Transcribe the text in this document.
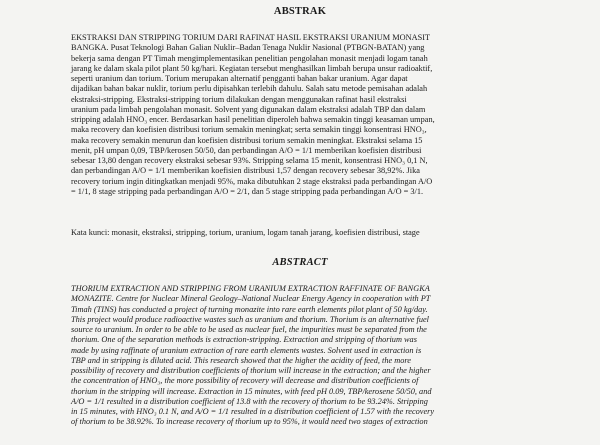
ABSTRAK
EKSTRAKSI DAN STRIPPING TORIUM DARI RAFINAT HASIL EKSTRAKSI URANIUM MONASIT
BANGKA. Pusat Teknologi Bahan Galian Nuklir–Badan Tenaga Nuklir Nasional (PTBGN-BATAN) yang
bekerja sama dengan PT Timah mengimplementasikan penelitian pengolahan monasit menjadi logam tanah
jarang ke dalam skala pilot plant 50 kg/hari. Kegiatan tersebut menghasilkan limbah berupa unsur radioaktif,
seperti uranium dan torium. Torium merupakan alternatif pengganti bahan bakar uranium. Agar dapat
dijadikan bahan bakar nuklir, torium perlu dipisahkan terlebih dahulu. Salah satu metode pemisahan adalah
ekstraksi-stripping. Ekstraksi-stripping torium dilakukan dengan menggunakan rafinat hasil ekstraksi
uranium pada limbah pengolahan monasit. Solvent yang digunakan dalam ekstraksi adalah TBP dan dalam
stripping adalah HNO₃ encer. Berdasarkan hasil penelitian diperoleh bahwa semakin tinggi keasaman umpan,
maka recovery dan koefisien distribusi torium semakin meningkat; serta semakin tinggi konsentrasi HNO₃,
maka recovery semakin menurun dan koefisien distribusi torium semakin meningkat. Ekstraksi selama 15
menit, pH umpan 0,09, TBP/kerosen 50/50, dan perbandingan A/O = 1/1 memberikan koefisien distribusi
sebesar 13,80 dengan recovery ekstraksi sebesar 93%. Stripping selama 15 menit, konsentrasi HNO₃ 0,1 N,
dan perbandingan A/O = 1/1 memberikan koefisien distribusi 1,57 dengan recovery sebesar 38,92%. Jika
recovery torium ingin ditingkatkan menjadi 95%, maka dibutuhkan 2 stage ekstraksi pada perbandingan A/O
= 1/1, 8 stage stripping pada perbandingan A/O = 2/1, dan 5 stage stripping pada perbandingan A/O = 3/1.
Kata kunci: monasit, ekstraksi, stripping, torium, uranium, logam tanah jarang, koefisien distribusi, stage
ABSTRACT
THORIUM EXTRACTION AND STRIPPING FROM URANIUM EXTRACTION RAFFINATE OF BANGKA
MONAZITE. Centre for Nuclear Mineral Geology–National Nuclear Energy Agency in cooperation with PT
Timah (TINS) has conducted a project of turning monazite into rare earth elements pilot plant of 50 kg/day.
This project would produce radioactive wastes such as uranium and thorium. Thorium is an alternative fuel
source to uranium. In order to be able to be used as nuclear fuel, the impurities must be separated from the
thorium. One of the separation methods is extraction-stripping. Extraction and stripping of thorium was
made by using raffinate of uranium extraction of rare earth elements wastes. Solvent used in extraction is
TBP and in stripping is diluted acid. This research showed that the higher the acidity of feed, the more
possibility of recovery and distribution coefficients of thorium will increase in the extraction; and the higher
the concentration of HNO₃, the more possibility of recovery will decrease and distribution coefficients of
thorium in the stripping will increase. Extraction in 15 minutes, with feed pH 0.09, TBP/kerosene 50/50, and
A/O = 1/1 resulted in a distribution coefficient of 13.8 with the recovery of thorium to be 93.24%. Stripping
in 15 minutes, with HNO₃ 0.1 N, and A/O = 1/1 resulted in a distribution coefficient of 1.57 with the recovery
of thorium to be 38.92%. To increase recovery of thorium up to 95%, it would need two stages of extraction
